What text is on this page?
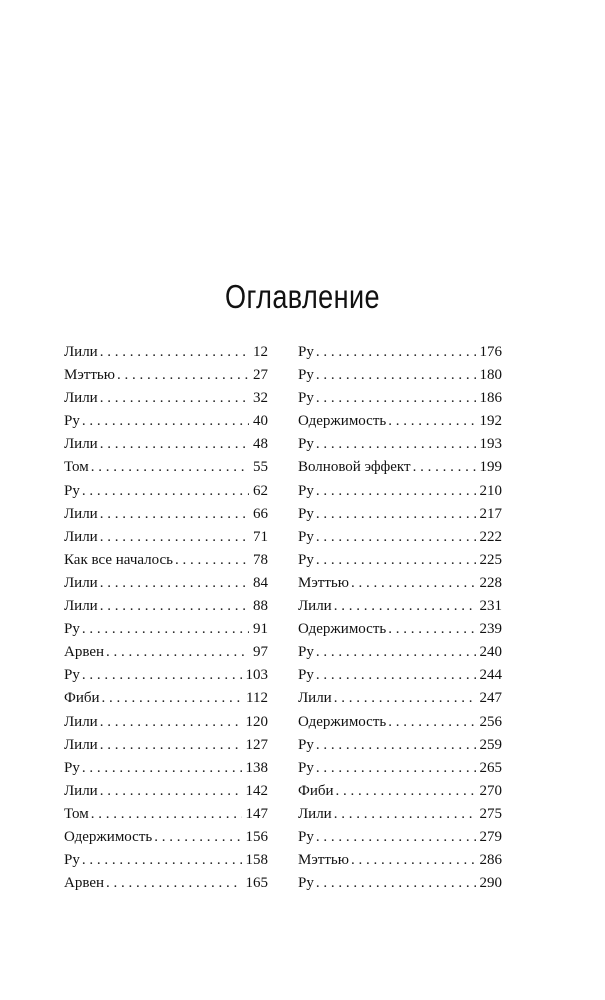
Оглавление
Лили . . .	12
Мэттью . . .	27
Лили . . .	32
Ру . . .	40
Лили . . .	48
Том . . .	55
Ру . . .	62
Лили . . .	66
Лили . . .	71
Как все началось . . .	78
Лили . . .	84
Лили . . .	88
Ру . . .	91
Арвен . . .	97
Ру . . .	103
Фиби . . .	112
Лили . . .	120
Лили . . .	127
Ру . . .	138
Лили . . .	142
Том . . .	147
Одержимость . . .	156
Ру . . .	158
Арвен . . .	165
Ру . . .	176
Ру . . .	180
Ру . . .	186
Одержимость . . .	192
Ру . . .	193
Волновой эффект . . .	199
Ру . . .	210
Ру . . .	217
Ру . . .	222
Ру . . .	225
Мэттью . . .	228
Лили . . .	231
Одержимость . . .	239
Ру . . .	240
Ру . . .	244
Лили . . .	247
Одержимость . . .	256
Ру . . .	259
Ру . . .	265
Фиби . . .	270
Лили . . .	275
Ру . . .	279
Мэттью . . .	286
Ру . . .	290
